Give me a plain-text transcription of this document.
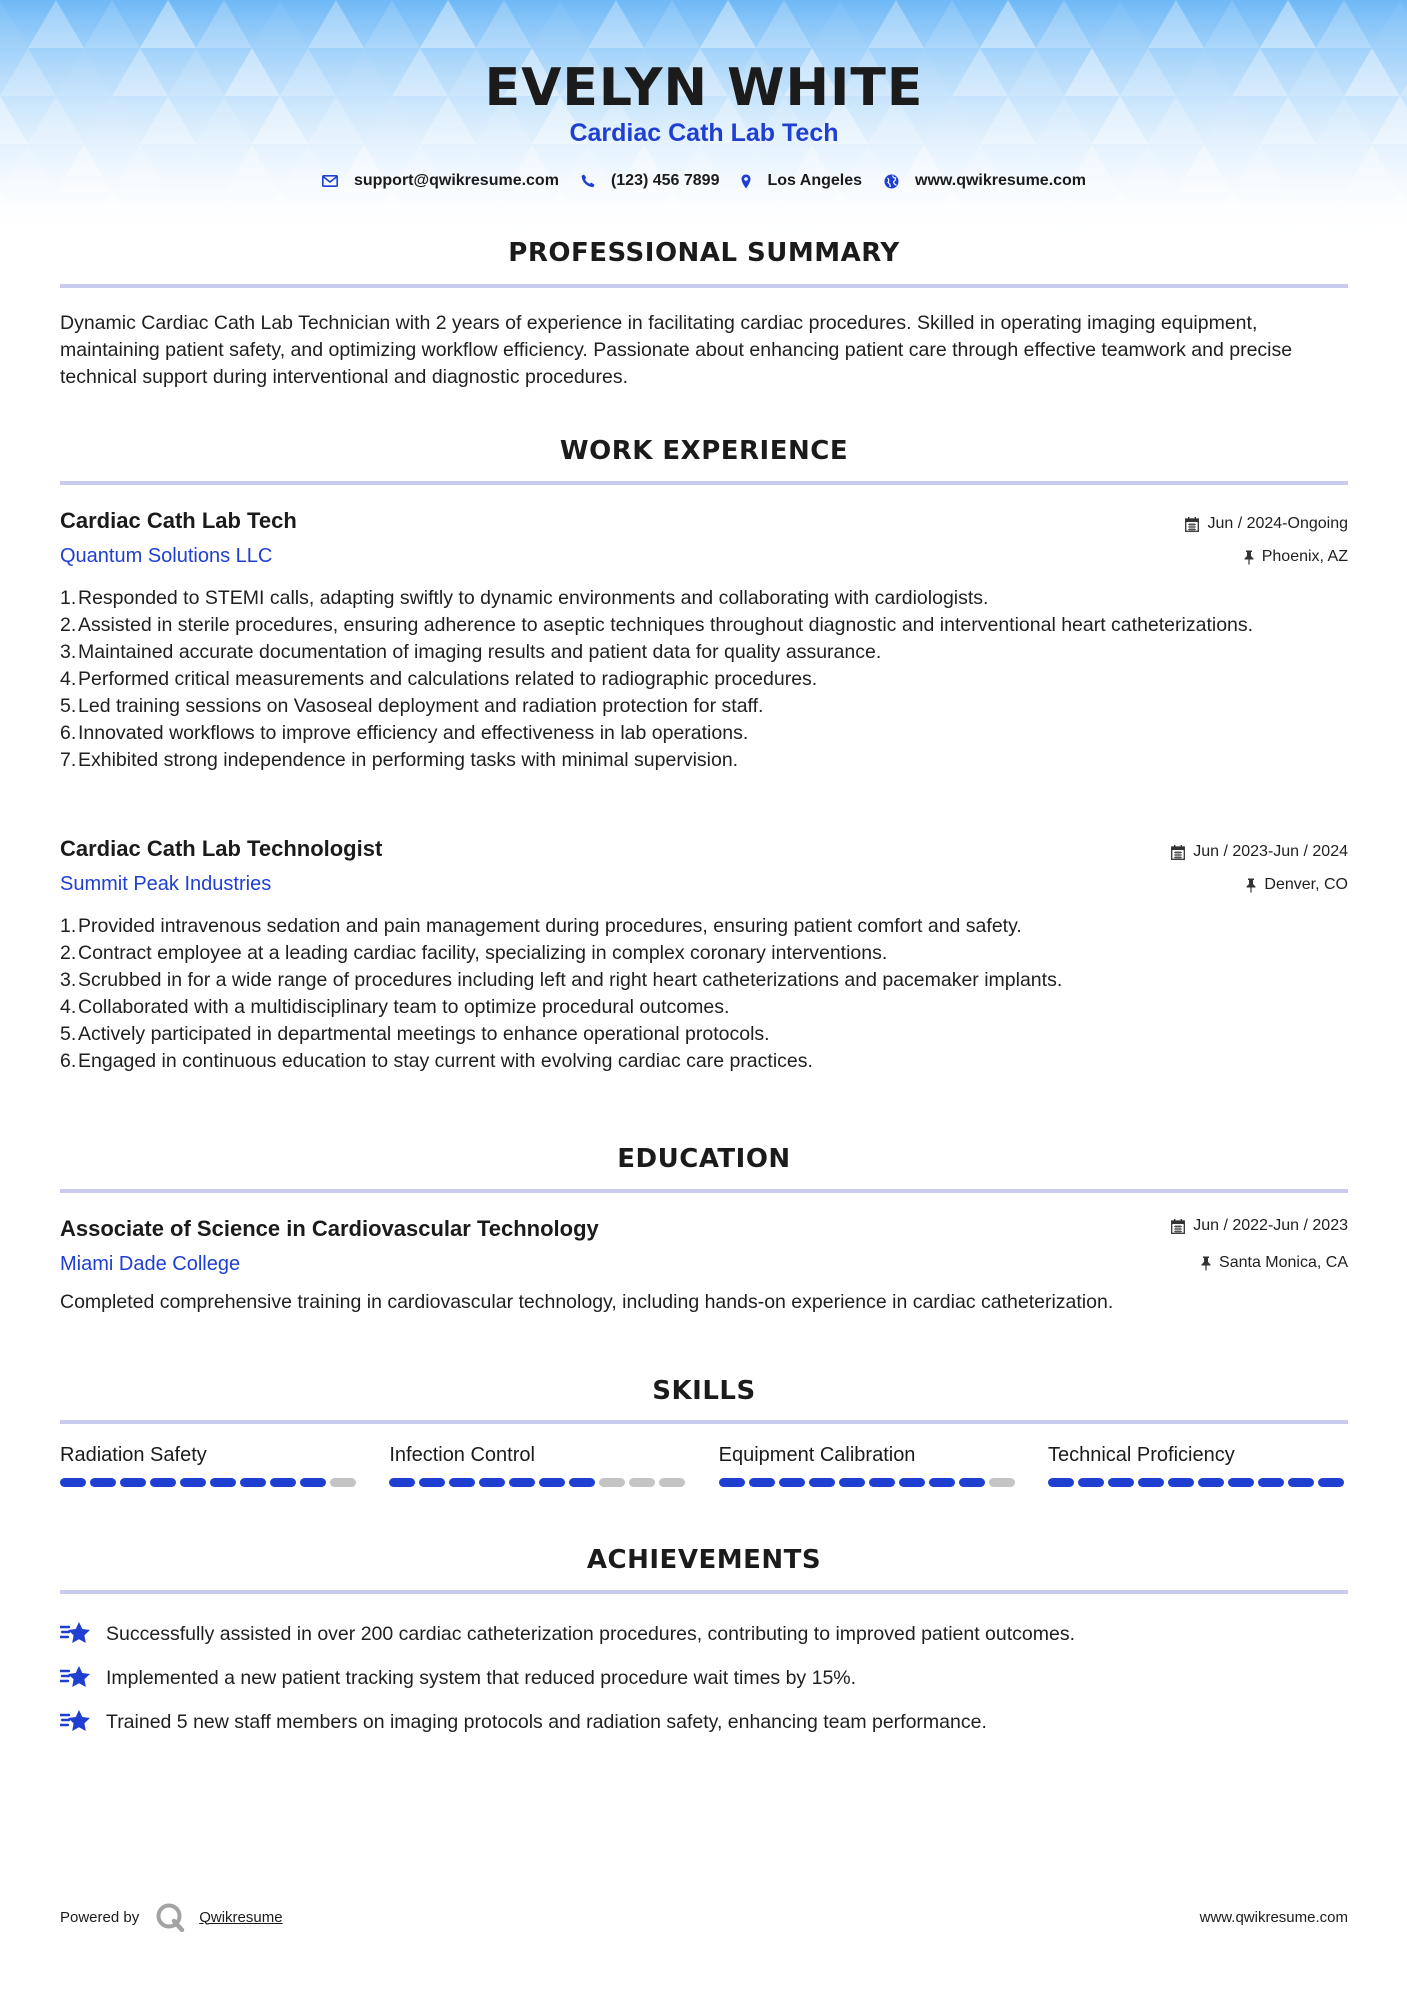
EVELYN WHITE
Cardiac Cath Lab Tech
support@qwikresume.com	(123) 456 7899	Los Angeles	www.qwikresume.com
PROFESSIONAL SUMMARY

Dynamic Cardiac Cath Lab Technician with 2 years of experience in facilitating cardiac procedures. Skilled in operating imaging equipment, maintaining patient safety, and optimizing workflow efficiency. Passionate about enhancing patient care through effective teamwork and precise technical support during interventional and diagnostic procedures.

WORK EXPERIENCE
Cardiac Cath Lab Tech	Jun / 2024-Ongoing
Quantum Solutions LLC	Phoenix, AZ
1. Responded to STEMI calls, adapting swiftly to dynamic environments and collaborating with cardiologists.
2. Assisted in sterile procedures, ensuring adherence to aseptic techniques throughout diagnostic and interventional heart catheterizations.
3. Maintained accurate documentation of imaging results and patient data for quality assurance.
4. Performed critical measurements and calculations related to radiographic procedures.
5. Led training sessions on Vasoseal deployment and radiation protection for staff.
6. Innovated workflows to improve efficiency and effectiveness in lab operations.
7. Exhibited strong independence in performing tasks with minimal supervision.
Cardiac Cath Lab Technologist	Jun / 2023-Jun / 2024
Summit Peak Industries	Denver, CO
1. Provided intravenous sedation and pain management during procedures, ensuring patient comfort and safety.
2. Contract employee at a leading cardiac facility, specializing in complex coronary interventions.
3. Scrubbed in for a wide range of procedures including left and right heart catheterizations and pacemaker implants.
4. Collaborated with a multidisciplinary team to optimize procedural outcomes.
5. Actively participated in departmental meetings to enhance operational protocols.
6. Engaged in continuous education to stay current with evolving cardiac care practices.
EDUCATION
Associate of Science in Cardiovascular Technology	Jun / 2022-Jun / 2023
Miami Dade College	Santa Monica, CA

Completed comprehensive training in cardiovascular technology, including hands-on experience in cardiac catheterization.

SKILLS
Radiation Safety	Infection Control	Equipment Calibration	Technical Proficiency
ACHIEVEMENTS
Successfully assisted in over 200 cardiac catheterization procedures, contributing to improved patient outcomes.
Implemented a new patient tracking system that reduced procedure wait times by 15%.
Trained 5 new staff members on imaging protocols and radiation safety, enhancing team performance.
Powered by	Qwikresume	www.qwikresume.com
